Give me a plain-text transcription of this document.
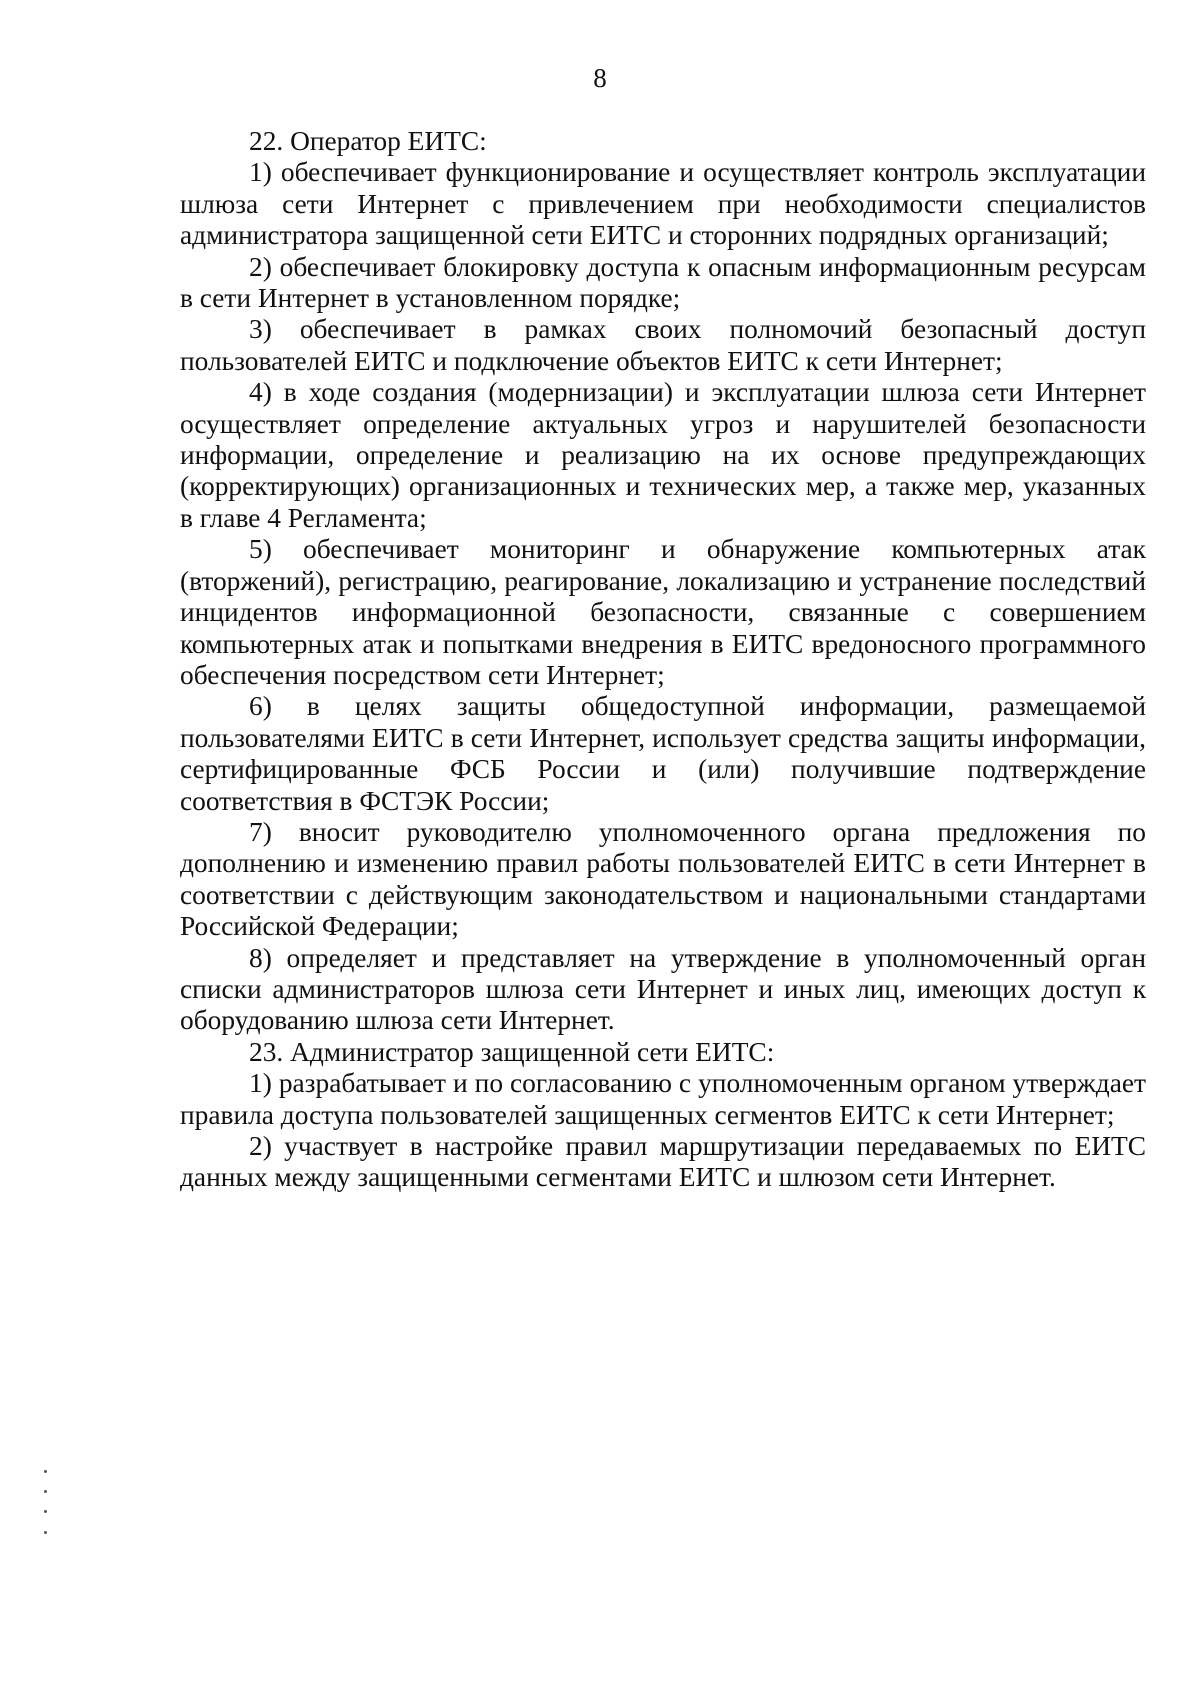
8

22. Оператор ЕИТС:

1) обеспечивает функционирование и осуществляет контроль эксплуатации шлюза сети Интернет с привлечением при необходимости специалистов администратора защищенной сети ЕИТС и сторонних подрядных организаций;

2) обеспечивает блокировку доступа к опасным информационным ресурсам в сети Интернет в установленном порядке;

3) обеспечивает в рамках своих полномочий безопасный доступ пользователей ЕИТС и подключение объектов ЕИТС к сети Интернет;

4) в ходе создания (модернизации) и эксплуатации шлюза сети Интернет осуществляет определение актуальных угроз и нарушителей безопасности информации, определение и реализацию на их основе предупреждающих (корректирующих) организационных и технических мер, а также мер, указанных в главе 4 Регламента;

5) обеспечивает мониторинг и обнаружение компьютерных атак (вторжений), регистрацию, реагирование, локализацию и устранение последствий инцидентов информационной безопасности, связанные с совершением компьютерных атак и попытками внедрения в ЕИТС вредоносного программного обеспечения посредством сети Интернет;

6) в целях защиты общедоступной информации, размещаемой пользователями ЕИТС в сети Интернет, использует средства защиты информации, сертифицированные ФСБ России и (или) получившие подтверждение соответствия в ФСТЭК России;

7) вносит руководителю уполномоченного органа предложения по дополнению и изменению правил работы пользователей ЕИТС в сети Интернет в соответствии с действующим законодательством и национальными стандартами Российской Федерации;

8) определяет и представляет на утверждение в уполномоченный орган списки администраторов шлюза сети Интернет и иных лиц, имеющих доступ к оборудованию шлюза сети Интернет.

23. Администратор защищенной сети ЕИТС:

1) разрабатывает и по согласованию с уполномоченным органом утверждает правила доступа пользователей защищенных сегментов ЕИТС к сети Интернет;

2) участвует в настройке правил маршрутизации передаваемых по ЕИТС данных между защищенными сегментами ЕИТС и шлюзом сети Интернет.
